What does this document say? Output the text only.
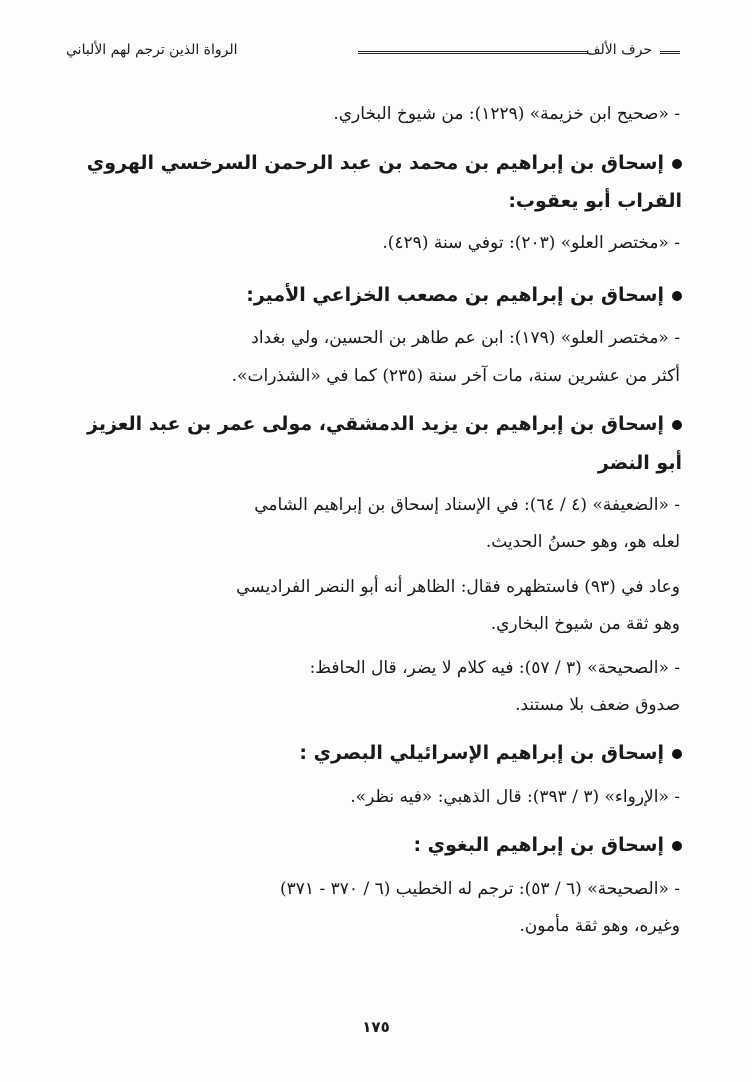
حرف الألف
الرواة الذين ترجم لهم الألباني
- «صحيح ابن خزيمة» (١٢٢٩): من شيوخ البخاري.
إسحاق بن إبراهيم بن محمد بن عبد الرحمن السرخسي الهروي
القراب أبو يعقوب:
- «مختصر العلو» (٢٠٣): توفي سنة (٤٢٩).
إسحاق بن إبراهيم بن مصعب الخزاعي الأمير:
- «مختصر العلو» (١٧٩): ابن عم طاهر بن الحسين، ولي بغداد
أكثر من عشرين سنة، مات آخر سنة (٢٣٥) كما في «الشذرات».
إسحاق بن إبراهيم بن يزيد الدمشقي، مولى عمر بن عبد العزيز
أبو النضر
- «الضعيفة» (٤ / ٦٤): في الإسناد إسحاق بن إبراهيم الشامي
لعله هو، وهو حسنُ الحديث.
وعاد في (٩٣) فاستظهره فقال: الظاهر أنه أبو النضر الفراديسي
وهو ثقة من شيوخ البخاري.
- «الصحيحة» (٣ / ٥٧): فيه كلام لا يضر، قال الحافظ:
صدوق ضعف بلا مستند.
إسحاق بن إبراهيم الإسرائيلي البصري :
- «الإرواء» (٣ / ٣٩٣): قال الذهبي: «فيه نظر».
إسحاق بن إبراهيم البغوي :
- «الصحيحة» (٦ / ٥٣): ترجم له الخطيب (٦ / ٣٧٠ - ٣٧١)
وغيره، وهو ثقة مأمون.
١٧٥
